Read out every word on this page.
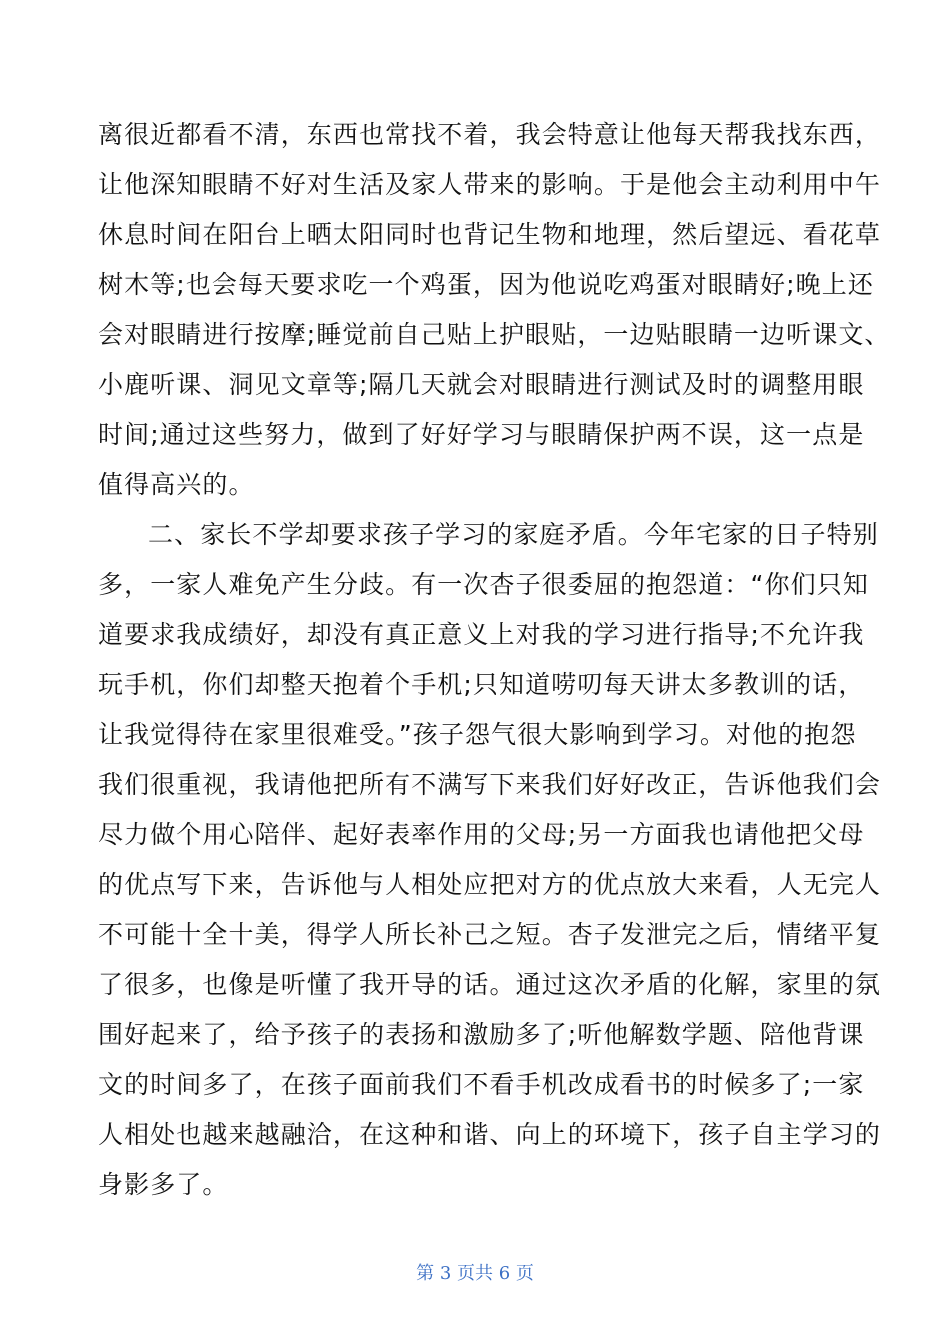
离很近都看不清，东西也常找不着，我会特意让他每天帮我找东西，
让他深知眼睛不好对生活及家人带来的影响。于是他会主动利用中午
休息时间在阳台上晒太阳同时也背记生物和地理，然后望远、看花草
树木等;也会每天要求吃一个鸡蛋，因为他说吃鸡蛋对眼睛好;晚上还
会对眼睛进行按摩;睡觉前自己贴上护眼贴，一边贴眼睛一边听课文、
小鹿听课、洞见文章等;隔几天就会对眼睛进行测试及时的调整用眼
时间;通过这些努力，做到了好好学习与眼睛保护两不误，这一点是
值得高兴的。
二、家长不学却要求孩子学习的家庭矛盾。今年宅家的日子特别
多，一家人难免产生分歧。有一次杏子很委屈的抱怨道：“你们只知
道要求我成绩好，却没有真正意义上对我的学习进行指导;不允许我
玩手机，你们却整天抱着个手机;只知道唠叨每天讲太多教训的话，
让我觉得待在家里很难受。”孩子怨气很大影响到学习。对他的抱怨
我们很重视，我请他把所有不满写下来我们好好改正，告诉他我们会
尽力做个用心陪伴、起好表率作用的父母;另一方面我也请他把父母
的优点写下来，告诉他与人相处应把对方的优点放大来看，人无完人
不可能十全十美，得学人所长补己之短。杏子发泄完之后，情绪平复
了很多，也像是听懂了我开导的话。通过这次矛盾的化解，家里的氛
围好起来了，给予孩子的表扬和激励多了;听他解数学题、陪他背课
文的时间多了，在孩子面前我们不看手机改成看书的时候多了;一家
人相处也越来越融洽，在这种和谐、向上的环境下，孩子自主学习的
身影多了。
第 3 页共 6 页
